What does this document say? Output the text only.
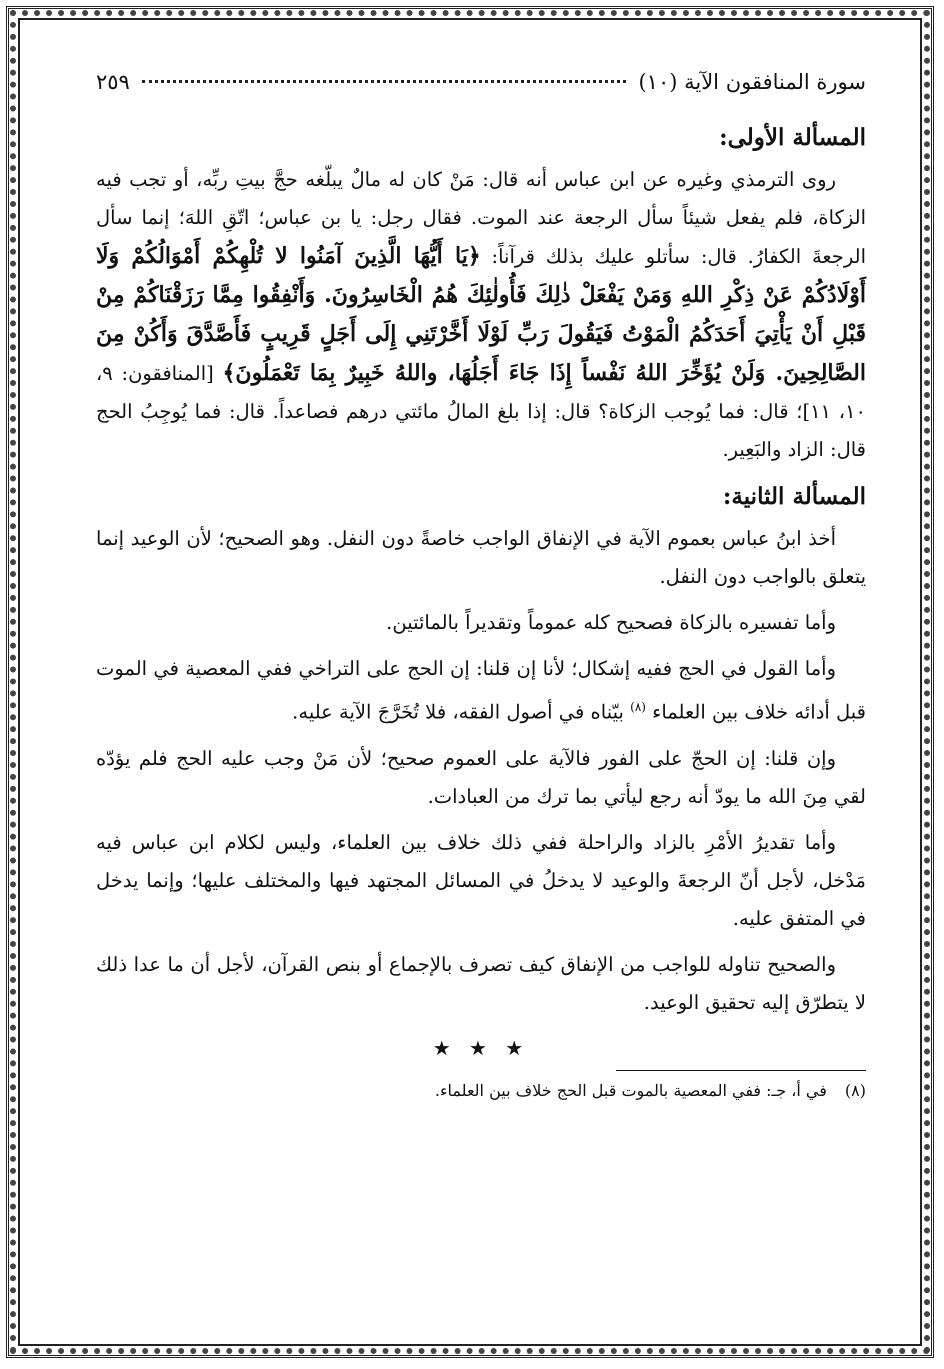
سورة المنافقون الآية (١٠)
٢٥٩
المسألة الأولى:

روى الترمذي وغيره عن ابن عباس أنه قال: مَنْ كان له مالٌ يبلّغه حجَّ بيتِ ربِّه، أو تجب فيه الزكاة، فلم يفعل شيئاً سأل الرجعة عند الموت. فقال رجل: يا بن عباس؛ اتّقِ اللهَ؛ إنما سأل الرجعةَ الكفارُ. قال: سأتلو عليك بذلك قرآناً: ﴿يَا أَيُّهَا الَّذِينَ آمَنُوا لا تُلْهِكُمْ أَمْوَالُكُمْ وَلَا أَوْلَادُكُمْ عَنْ ذِكْرِ اللهِ وَمَنْ يَفْعَلْ ذٰلِكَ فَأُولٰئِكَ هُمُ الْخَاسِرُونَ. وَأَنْفِقُوا مِمَّا رَزَقْنَاكُمْ مِنْ قَبْلِ أَنْ يَأْتِيَ أَحَدَكُمُ الْمَوْتُ فَيَقُولَ رَبِّ لَوْلَا أَخَّرْتَنِي إِلَى أَجَلٍ قَرِيبٍ فَأَصَّدَّقَ وَأَكُنْ مِنَ الصَّالِحِينَ. وَلَنْ يُؤَخِّرَ اللهُ نَفْساً إِذَا جَاءَ أَجَلُهَا، واللهُ خَبِيرٌ بِمَا تَعْمَلُونَ﴾ [المنافقون: ٩، ١٠، ١١]؛ قال: فما يُوجب الزكاة؟ قال: إذا بلغ المالُ مائتي درهم فصاعداً. قال: فما يُوجِبُ الحج قال: الزاد والبَعِير.

المسألة الثانية:

أخذ ابنُ عباس بعموم الآية في الإنفاق الواجب خاصةً دون النفل. وهو الصحيح؛ لأن الوعيد إنما يتعلق بالواجب دون النفل.

وأما تفسيره بالزكاة فصحيح كله عموماً وتقديراً بالمائتين.

وأما القول في الحج ففيه إشكال؛ لأنا إن قلنا: إن الحج على التراخي ففي المعصية في الموت قبل أدائه خلاف بين العلماء $^{(٨)}$ بيّناه في أصول الفقه، فلا تُخَرَّجَ الآية عليه.

وإن قلنا: إن الحجّ على الفور فالآية على العموم صحيح؛ لأن مَنْ وجب عليه الحج فلم يؤدّه لقي مِنَ الله ما يودّ أنه رجع ليأتي بما ترك من العبادات.

وأما تقديرُ الأمْرِ بالزاد والراحلة ففي ذلك خلاف بين العلماء، وليس لكلام ابن عباس فيه مَدْخل، لأجل أنّ الرجعةَ والوعيد لا يدخلُ في المسائل المجتهد فيها والمختلف عليها؛ وإنما يدخل في المتفق عليه.

والصحيح تناوله للواجب من الإنفاق كيف تصرف بالإجماع أو بنص القرآن، لأجل أن ما عدا ذلك لا يتطرّق إليه تحقيق الوعيد.

★ ★ ★
(٨)
في أ، جـ: ففي المعصية بالموت قبل الحج خلاف بين العلماء.
